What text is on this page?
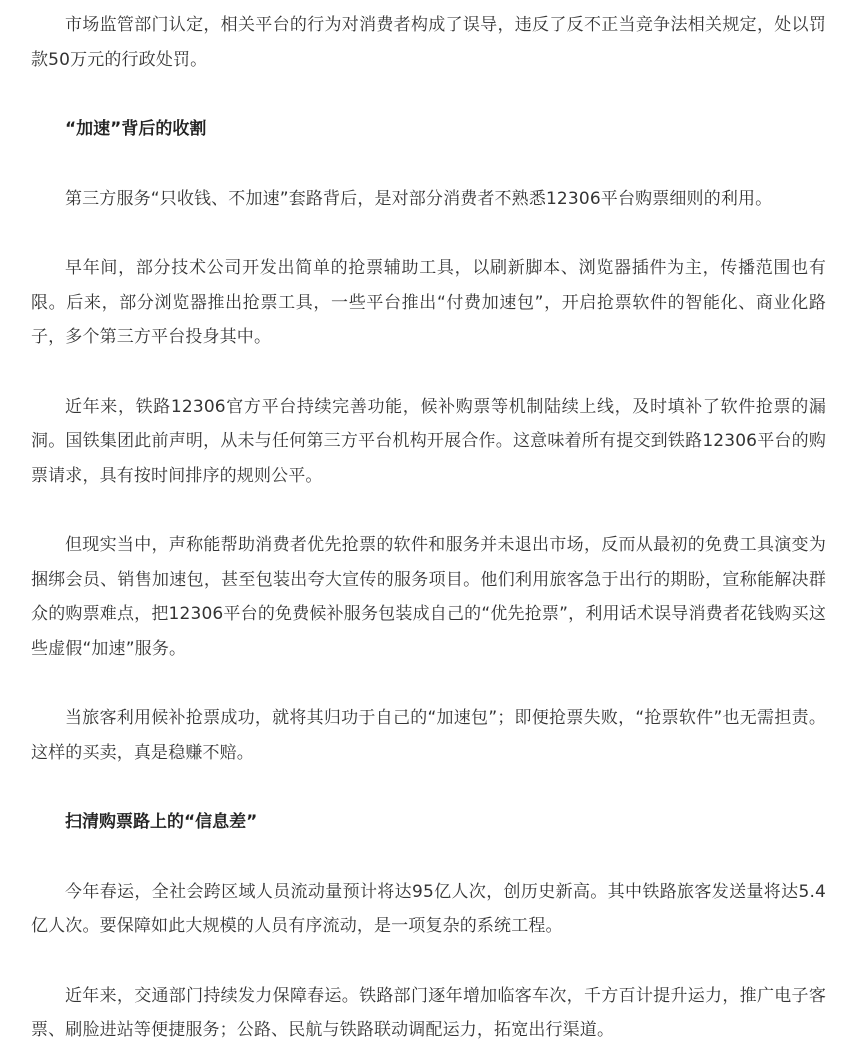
市场监管部门认定，相关平台的行为对消费者构成了误导，违反了反不正当竞争法相关规定，处以罚款50万元的行政处罚。

“加速”背后的收割

第三方服务“只收钱、不加速”套路背后，是对部分消费者不熟悉12306平台购票细则的利用。

早年间，部分技术公司开发出简单的抢票辅助工具，以刷新脚本、浏览器插件为主，传播范围也有限。后来，部分浏览器推出抢票工具，一些平台推出“付费加速包”，开启抢票软件的智能化、商业化路子，多个第三方平台投身其中。

近年来，铁路12306官方平台持续完善功能，候补购票等机制陆续上线，及时填补了软件抢票的漏洞。国铁集团此前声明，从未与任何第三方平台机构开展合作。这意味着所有提交到铁路12306平台的购票请求，具有按时间排序的规则公平。

但现实当中，声称能帮助消费者优先抢票的软件和服务并未退出市场，反而从最初的免费工具演变为捆绑会员、销售加速包，甚至包装出夸大宣传的服务项目。他们利用旅客急于出行的期盼，宣称能解决群众的购票难点，把12306平台的免费候补服务包装成自己的“优先抢票”，利用话术误导消费者花钱购买这些虚假“加速”服务。

当旅客利用候补抢票成功，就将其归功于自己的“加速包”；即便抢票失败，“抢票软件”也无需担责。这样的买卖，真是稳赚不赔。

扫清购票路上的“信息差”

今年春运，全社会跨区域人员流动量预计将达95亿人次，创历史新高。其中铁路旅客发送量将达5.4亿人次。要保障如此大规模的人员有序流动，是一项复杂的系统工程。

近年来，交通部门持续发力保障春运。铁路部门逐年增加临客车次，千方百计提升运力，推广电子客票、刷脸进站等便捷服务；公路、民航与铁路联动调配运力，拓宽出行渠道。
